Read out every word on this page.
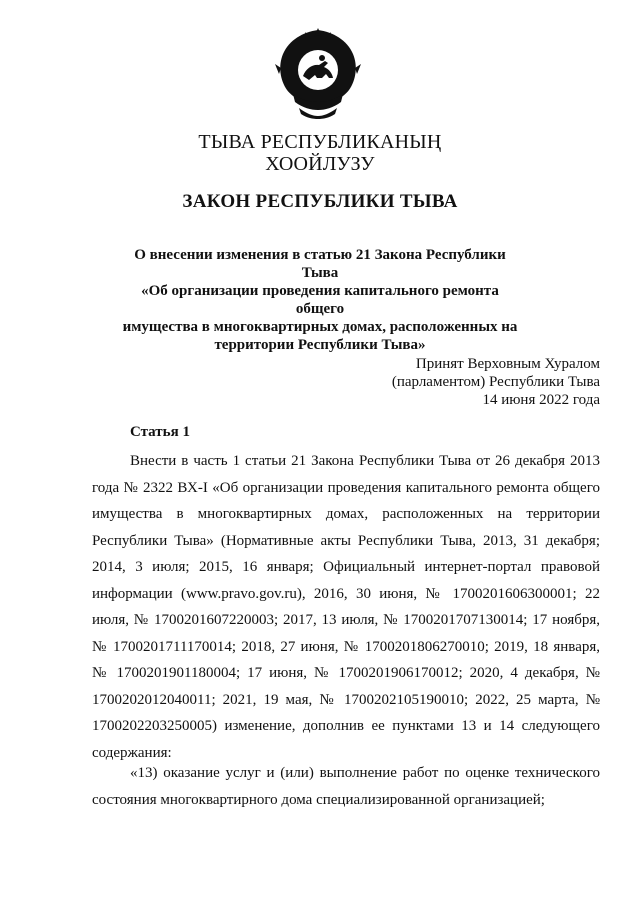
ТЫВА РЕСПУБЛИКАНЫҢ
ХООЙЛУЗУ
ЗАКОН РЕСПУБЛИКИ ТЫВА
О внесении изменения в статью 21 Закона Республики Тыва
«Об организации проведения капитального ремонта общего
имущества в многоквартирных домах, расположенных на
территории Республики Тыва»
Принят Верховным Хуралом
(парламентом) Республики Тыва
14 июня 2022 года
Статья 1
Внести в часть 1 статьи 21 Закона Республики Тыва от 26 декабря 2013
года № 2322 ВХ-I «Об организации проведения капитального ремонта общего
имущества в многоквартирных домах, расположенных на территории
Республики Тыва» (Нормативные акты Республики Тыва, 2013, 31 декабря;
2014, 3 июля; 2015, 16 января; Официальный интернет-портал правовой
информации (www.pravo.gov.ru), 2016, 30 июня, № 1700201606300001; 22
июля, № 1700201607220003; 2017, 13 июля, № 1700201707130014; 17 ноября,
№ 1700201711170014; 2018, 27 июня, № 1700201806270010; 2019, 18 января,
№ 1700201901180004; 17 июня, № 1700201906170012; 2020, 4 декабря, №
1700202012040011; 2021, 19 мая, № 1700202105190010; 2022, 25 марта, №
1700202203250005) изменение, дополнив ее пунктами 13 и 14 следующего
содержания:
«13) оказание услуг и (или) выполнение работ по оценке технического
состояния многоквартирного дома специализированной организацией;
